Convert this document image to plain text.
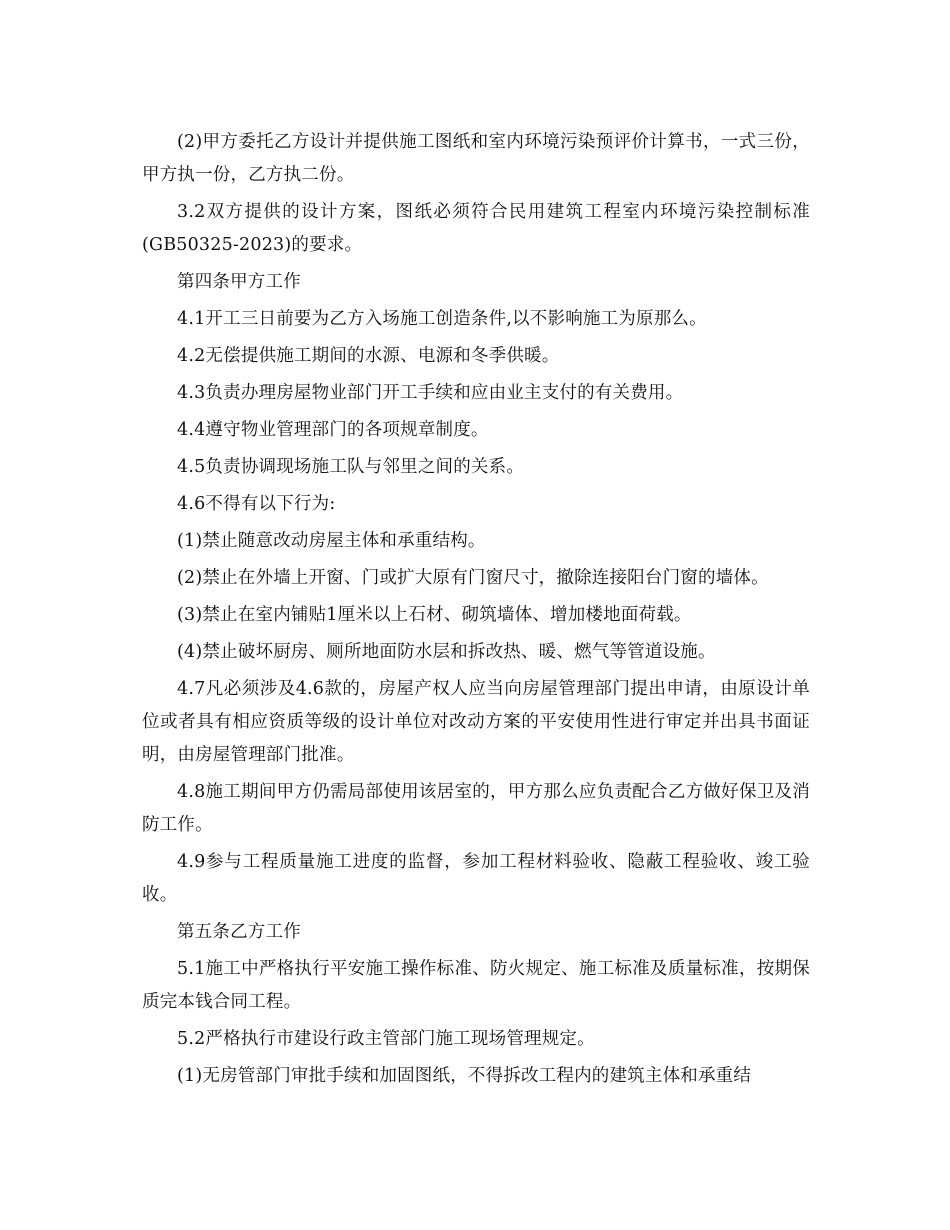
(2)甲方委托乙方设计并提供施工图纸和室内环境污染预评价计算书，一式三份，甲方执一份，乙方执二份。

3.2双方提供的设计方案，图纸必须符合民用建筑工程室内环境污染控制标准(GB50325-2023)的要求。

第四条甲方工作

4.1开工三日前要为乙方入场施工创造条件,以不影响施工为原那么。

4.2无偿提供施工期间的水源、电源和冬季供暖。

4.3负责办理房屋物业部门开工手续和应由业主支付的有关费用。

4.4遵守物业管理部门的各项规章制度。

4.5负责协调现场施工队与邻里之间的关系。

4.6不得有以下行为:

(1)禁止随意改动房屋主体和承重结构。

(2)禁止在外墙上开窗、门或扩大原有门窗尺寸，撤除连接阳台门窗的墙体。

(3)禁止在室内铺贴1厘米以上石材、砌筑墙体、增加楼地面荷载。

(4)禁止破坏厨房、厕所地面防水层和拆改热、暖、燃气等管道设施。

4.7凡必须涉及4.6款的，房屋产权人应当向房屋管理部门提出申请，由原设计单位或者具有相应资质等级的设计单位对改动方案的平安使用性进行审定并出具书面证明，由房屋管理部门批准。

4.8施工期间甲方仍需局部使用该居室的，甲方那么应负责配合乙方做好保卫及消防工作。

4.9参与工程质量施工进度的监督，参加工程材料验收、隐蔽工程验收、竣工验收。

第五条乙方工作

5.1施工中严格执行平安施工操作标准、防火规定、施工标准及质量标准，按期保质完本钱合同工程。

5.2严格执行市建设行政主管部门施工现场管理规定。

(1)无房管部门审批手续和加固图纸，不得拆改工程内的建筑主体和承重结
